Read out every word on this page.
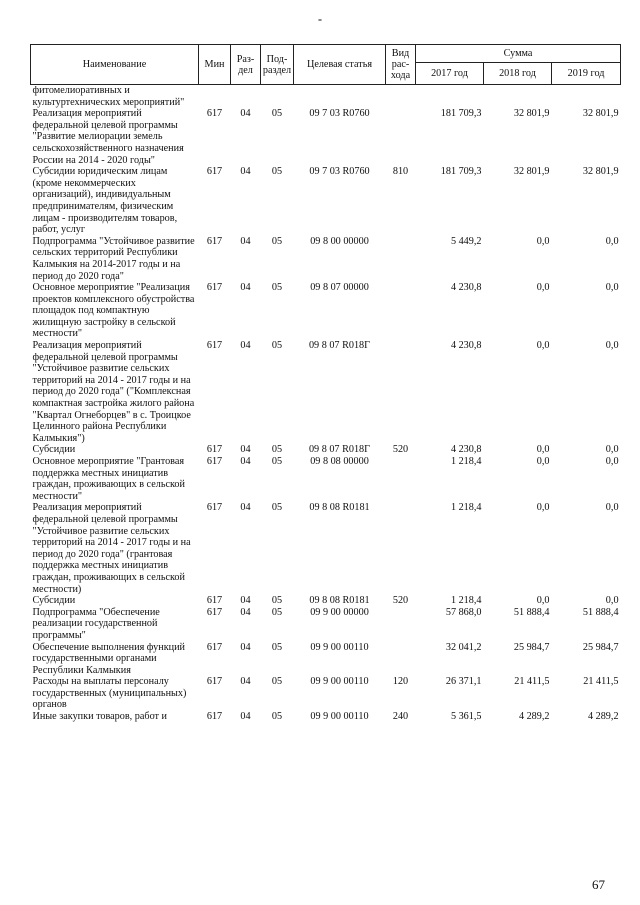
-
Наименование	Мин	Раз-дел	Под-раздел	Целевая статья	Вид рас-хода	Сумма		
						2017 год	2018 год	2019 год
фитомелиоративных и культуртехнических мероприятий"								
Реализация мероприятий федеральной целевой программы "Развитие мелиорации земель сельскохозяйственного назначения России на 2014 - 2020 годы"	617	04	05	09 7 03 R0760		181 709,3	32 801,9	32 801,9
Субсидии юридическим лицам (кроме некоммерческих организаций), индивидуальным предпринимателям, физическим лицам - производителям товаров, работ, услуг	617	04	05	09 7 03 R0760	810	181 709,3	32 801,9	32 801,9
Подпрограмма "Устойчивое развитие сельских территорий Республики Калмыкия на 2014-2017 годы и на период до 2020 года"	617	04	05	09 8 00 00000		5 449,2	0,0	0,0
Основное мероприятие "Реализация проектов комплексного обустройства площадок под компактную жилищную застройку в сельской местности"	617	04	05	09 8 07 00000		4 230,8	0,0	0,0
Реализация мероприятий федеральной целевой программы "Устойчивое развитие сельских территорий на 2014 - 2017 годы и на период до 2020 года" ("Комплексная компактная застройка жилого района "Квартал Огнеборцев" в с. Троицкое Целинного района Республики Калмыкия")	617	04	05	09 8 07 R018Г		4 230,8	0,0	0,0
Субсидии	617	04	05	09 8 07 R018Г	520	4 230,8	0,0	0,0
Основное мероприятие "Грантовая поддержка местных инициатив граждан, проживающих в сельской местности"	617	04	05	09 8 08 00000		1 218,4	0,0	0,0
Реализация мероприятий федеральной целевой программы "Устойчивое развитие сельских территорий на 2014 - 2017 годы и на период до 2020 года" (грантовая поддержка местных инициатив граждан, проживающих в сельской местности)	617	04	05	09 8 08 R0181		1 218,4	0,0	0,0
Субсидии	617	04	05	09 8 08 R0181	520	1 218,4	0,0	0,0
Подпрограмма "Обеспечение реализации государственной программы"	617	04	05	09 9 00 00000		57 868,0	51 888,4	51 888,4
Обеспечение выполнения функций государственными органами Республики Калмыкия	617	04	05	09 9 00 00110		32 041,2	25 984,7	25 984,7
Расходы на выплаты персоналу государственных (муниципальных) органов	617	04	05	09 9 00 00110	120	26 371,1	21 411,5	21 411,5
Иные закупки товаров, работ и	617	04	05	09 9 00 00110	240	5 361,5	4 289,2	4 289,2
67
